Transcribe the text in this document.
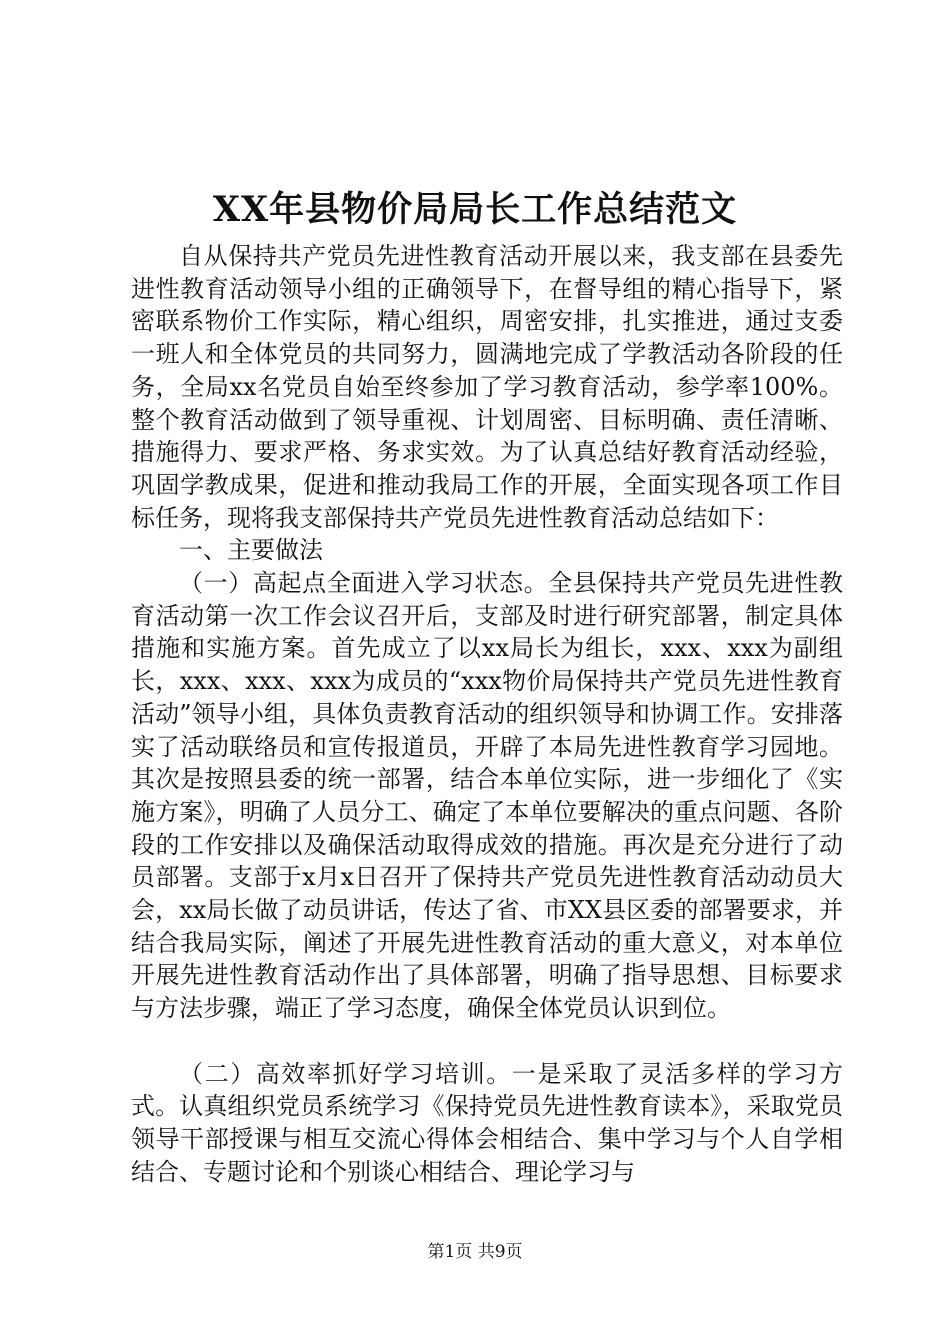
XX年县物价局局长工作总结范文

自从保持共产党员先进性教育活动开展以来，我支部在县委先进性教育活动领导小组的正确领导下，在督导组的精心指导下，紧密联系物价工作实际，精心组织，周密安排，扎实推进，通过支委一班人和全体党员的共同努力，圆满地完成了学教活动各阶段的任务，全局xx名党员自始至终参加了学习教育活动，参学率100%。整个教育活动做到了领导重视、计划周密、目标明确、责任清晰、措施得力、要求严格、务求实效。为了认真总结好教育活动经验，巩固学教成果，促进和推动我局工作的开展，全面实现各项工作目标任务，现将我支部保持共产党员先进性教育活动总结如下：

一、主要做法

（一）高起点全面进入学习状态。全县保持共产党员先进性教育活动第一次工作会议召开后，支部及时进行研究部署，制定具体措施和实施方案。首先成立了以xx局长为组长，xxx、xxx为副组长，xxx、xxx、xxx为成员的“xxx物价局保持共产党员先进性教育活动”领导小组，具体负责教育活动的组织领导和协调工作。安排落实了活动联络员和宣传报道员，开辟了本局先进性教育学习园地。其次是按照县委的统一部署，结合本单位实际，进一步细化了《实施方案》，明确了人员分工、确定了本单位要解决的重点问题、各阶段的工作安排以及确保活动取得成效的措施。再次是充分进行了动员部署。支部于x月x日召开了保持共产党员先进性教育活动动员大会，xx局长做了动员讲话，传达了省、市XX县区委的部署要求，并结合我局实际，阐述了开展先进性教育活动的重大意义，对本单位开展先进性教育活动作出了具体部署，明确了指导思想、目标要求与方法步骤，端正了学习态度，确保全体党员认识到位。

（二）高效率抓好学习培训。一是采取了灵活多样的学习方式。认真组织党员系统学习《保持党员先进性教育读本》，采取党员领导干部授课与相互交流心得体会相结合、集中学习与个人自学相结合、专题讨论和个别谈心相结合、理论学习与

第1页 共9页
